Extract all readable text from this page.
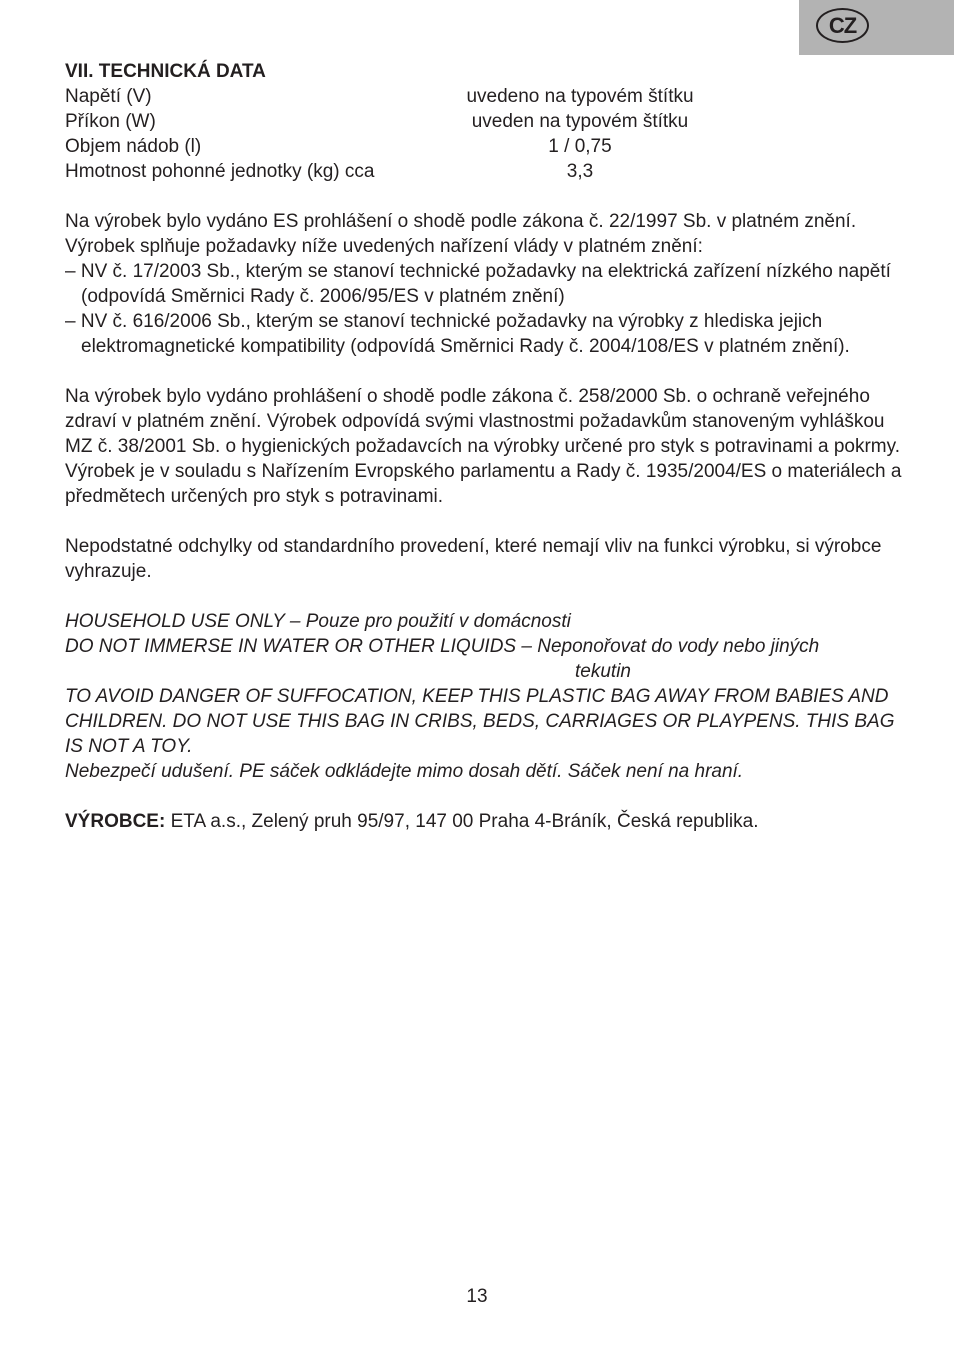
CZ
VII. TECHNICKÁ DATA
Napětí (V)	uvedeno na typovém štítku
Příkon (W)	uveden na typovém štítku
Objem nádob (l)	1 / 0,75
Hmotnost pohonné jednotky (kg) cca	3,3

Na výrobek bylo vydáno ES prohlášení o shodě podle zákona č. 22/1997 Sb. v platném znění. Výrobek splňuje požadavky níže uvedených nařízení vlády v platném znění:

– NV č. 17/2003 Sb., kterým se stanoví technické požadavky na elektrická zařízení nízkého napětí (odpovídá Směrnici Rady č. 2006/95/ES v platném znění)

– NV č. 616/2006 Sb., kterým se stanoví technické požadavky na výrobky z hlediska jejich elektromagnetické kompatibility (odpovídá Směrnici Rady č. 2004/108/ES v platném znění).

Na výrobek bylo vydáno prohlášení o shodě podle zákona č. 258/2000 Sb. o ochraně veřejného zdraví v platném znění. Výrobek odpovídá svými vlastnostmi požadavkům stanoveným vyhláškou MZ č. 38/2001 Sb. o hygienických požadavcích na výrobky určené pro styk s potravinami a pokrmy. Výrobek je v souladu s Nařízením Evropského parlamentu a Rady č. 1935/2004/ES o materiálech a předmětech určených pro styk s potravinami.

Nepodstatné odchylky od standardního provedení, které nemají vliv na funkci výrobku, si výrobce vyhrazuje.

HOUSEHOLD USE ONLY – Pouze pro použití v domácnosti

DO NOT IMMERSE IN WATER OR OTHER LIQUIDS – Neponořovat do vody nebo jiných

tekutin

TO AVOID DANGER OF SUFFOCATION, KEEP THIS PLASTIC BAG AWAY FROM BABIES AND CHILDREN. DO NOT USE THIS BAG IN CRIBS, BEDS, CARRIAGES OR PLAYPENS. THIS BAG IS NOT A TOY.

Nebezpečí udušení. PE sáček odkládejte mimo dosah dětí. Sáček není na hraní.

VÝROBCE: ETA a.s., Zelený pruh 95/97, 147 00 Praha 4-Bráník, Česká republika.

13
